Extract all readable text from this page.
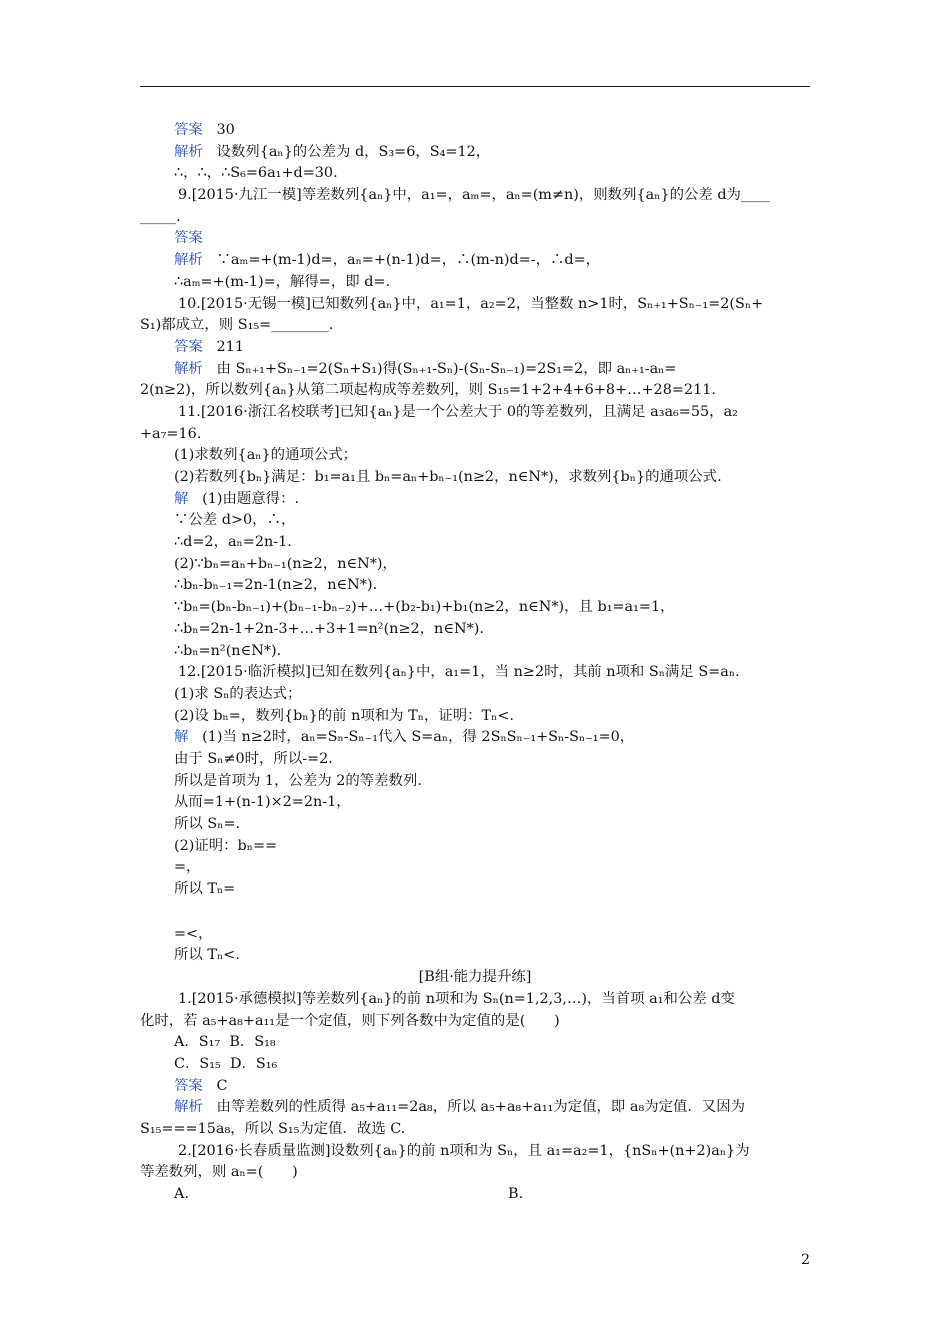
答案   30
解析   设数列{aₙ}的公差为 d，S₃=6，S₄=12，
∴，∴，∴S₆=6a₁+d=30.
9.[2015·九江一模]等差数列{aₙ}中，a₁=，aₘ=，aₙ=(m≠n)，则数列{aₙ}的公差 d为____
_____.
答案
解析   ∵aₘ=+(m-1)d=，aₙ=+(n-1)d=，∴(m-n)d=-，∴d=，
∴aₘ=+(m-1)=，解得=，即 d=.
10.[2015·无锡一模]已知数列{aₙ}中，a₁=1，a₂=2，当整数 n>1时，Sₙ₊₁+Sₙ₋₁=2(Sₙ+
S₁)都成立，则 S₁₅=________.
答案   211
解析   由 Sₙ₊₁+Sₙ₋₁=2(Sₙ+S₁)得(Sₙ₊₁-Sₙ)-(Sₙ-Sₙ₋₁)=2S₁=2，即 aₙ₊₁-aₙ=
2(n≥2)，所以数列{aₙ}从第二项起构成等差数列，则 S₁₅=1+2+4+6+8+…+28=211.
11.[2016·浙江名校联考]已知{aₙ}是一个公差大于 0的等差数列，且满足 a₃a₆=55，a₂
+a₇=16.
(1)求数列{aₙ}的通项公式；
(2)若数列{bₙ}满足：b₁=a₁且 bₙ=aₙ+bₙ₋₁(n≥2，n∈N*)，求数列{bₙ}的通项公式.
解   (1)由题意得：.
∵公差 d>0，∴，
∴d=2，aₙ=2n-1.
(2)∵bₙ=aₙ+bₙ₋₁(n≥2，n∈N*)，
∴bₙ-bₙ₋₁=2n-1(n≥2，n∈N*).
∵bₙ=(bₙ-bₙ₋₁)+(bₙ₋₁-bₙ₋₂)+…+(b₂-b₁)+b₁(n≥2，n∈N*)，且 b₁=a₁=1，
∴bₙ=2n-1+2n-3+…+3+1=n²(n≥2，n∈N*).
∴bₙ=n²(n∈N*).
12.[2015·临沂模拟]已知在数列{aₙ}中，a₁=1，当 n≥2时，其前 n项和 Sₙ满足 S=aₙ.
(1)求 Sₙ的表达式；
(2)设 bₙ=，数列{bₙ}的前 n项和为 Tₙ，证明：Tₙ<.
解   (1)当 n≥2时，aₙ=Sₙ-Sₙ₋₁代入 S=aₙ，得 2SₙSₙ₋₁+Sₙ-Sₙ₋₁=0，
由于 Sₙ≠0时，所以-=2.
所以是首项为 1，公差为 2的等差数列.
从而=1+(n-1)×2=2n-1，
所以 Sₙ=.
(2)证明：bₙ==
=，
所以 Tₙ=
=<，
所以 Tₙ<.
[B组·能力提升练]
1.[2015·承德模拟]等差数列{aₙ}的前 n项和为 Sₙ(n=1,2,3,…)，当首项 a₁和公差 d变
化时，若 a₅+a₈+a₁₁是一个定值，则下列各数中为定值的是(　　)
A．S₁₇  B．S₁₈
C．S₁₅  D．S₁₆
答案   C
解析   由等差数列的性质得 a₅+a₁₁=2a₈，所以 a₅+a₈+a₁₁为定值，即 a₈为定值．又因为
S₁₅===15a₈，所以 S₁₅为定值．故选 C.
2.[2016·长春质量监测]设数列{aₙ}的前 n项和为 Sₙ，且 a₁=a₂=1，{nSₙ+(n+2)aₙ}为
等差数列，则 aₙ=(　　)
A.	B.
2
